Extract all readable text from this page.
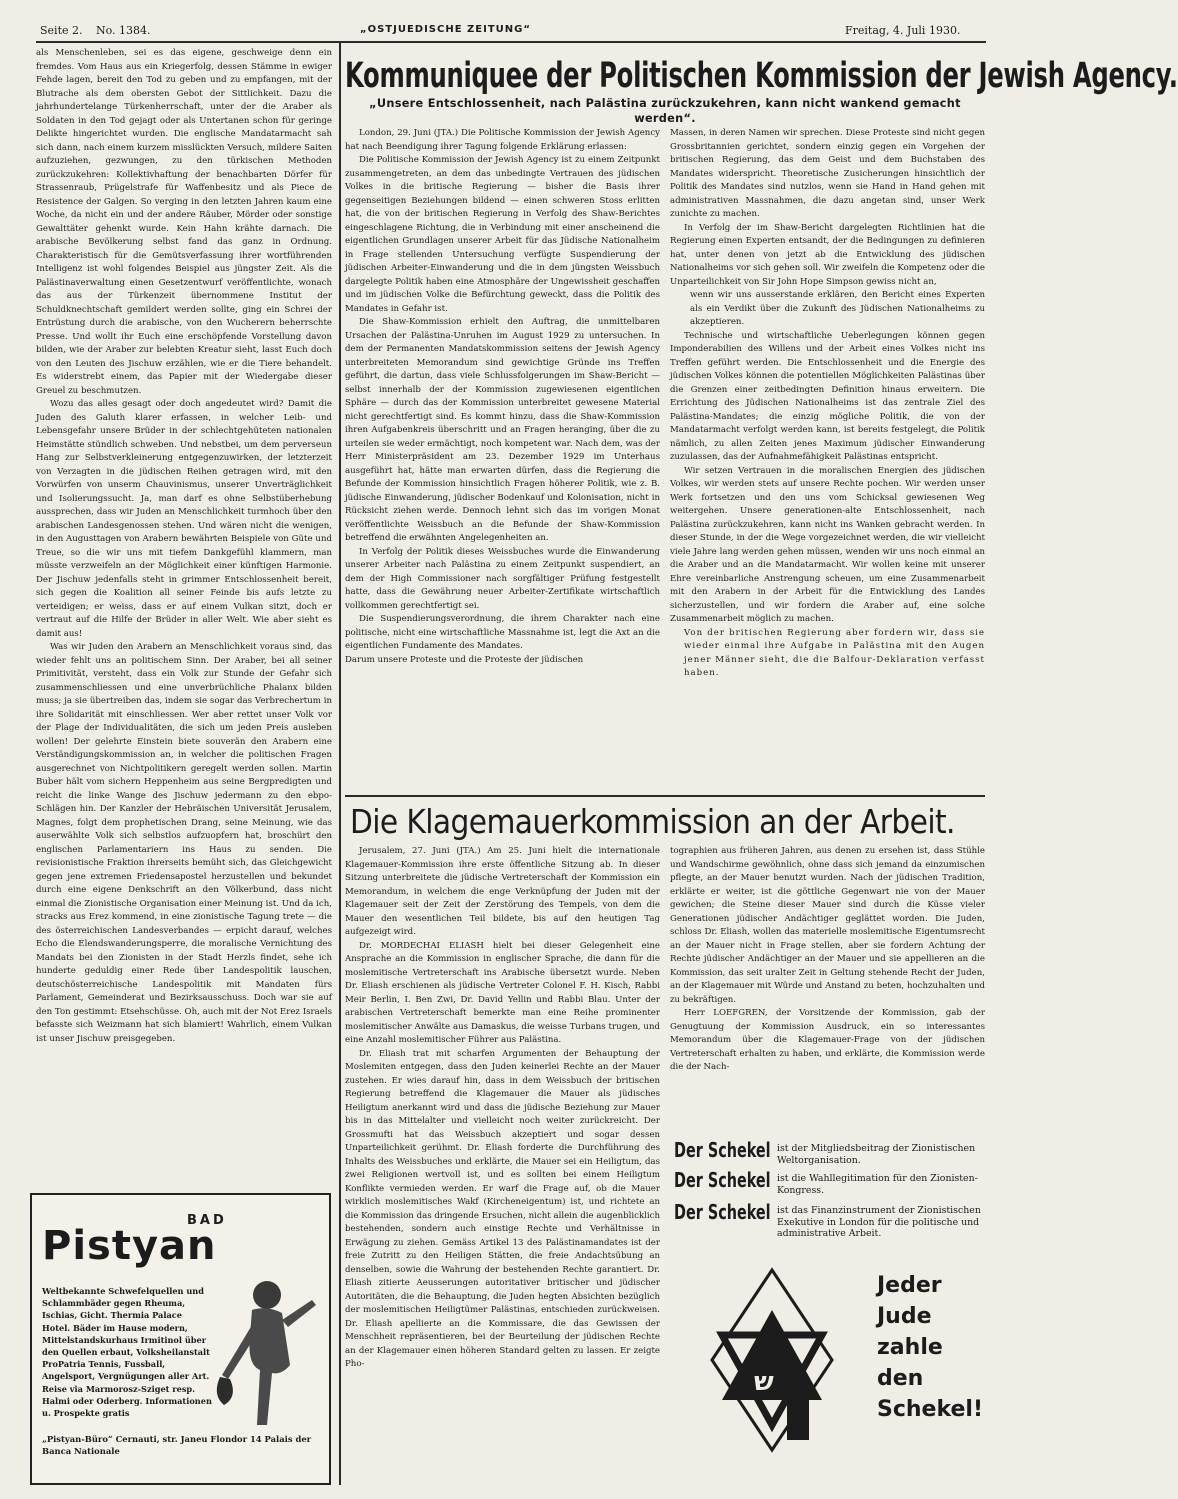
Seite 2. No. 1384.	„OSTJUEDISCHE ZEITUNG“	Freitag, 4. Juli 1930.

als Menschenleben, sei es das eigene, geschweige denn ein fremdes. Vom Haus aus ein Kriegerfolg, dessen Stämme in ewiger Fehde lagen, bereit den Tod zu geben und zu empfangen, mit der Blutrache als dem obersten Gebot der Sittlichkeit. Dazu die jahrhundertelange Türkenherrschaft, unter der die Araber als Soldaten in den Tod gejagt oder als Untertanen schon für geringe Delikte hingerichtet wurden. Die englische Mandatarmacht sah sich dann, nach einem kurzem misslückten Versuch, mildere Saiten aufzuziehen, gezwungen, zu den türkischen Methoden zurückzukehren: Kollektivhaftung der benachbarten Dörfer für Strassenraub, Prügelstrafe für Waffenbesitz und als Piece de Resistence der Galgen. So verging in den letzten Jahren kaum eine Woche, da nicht ein und der andere Räuber, Mörder oder sonstige Gewalttäter gehenkt wurde. Kein Hahn krähte darnach. Die arabische Bevölkerung selbst fand das ganz in Ordnung. Charakteristisch für die Gemütsverfassung ihrer wortführenden Intelligenz ist wohl folgendes Beispiel aus jüngster Zeit. Als die Palästinaverwaltung einen Gesetzentwurf veröffentlichte, wonach das aus der Türkenzeit übernommene Institut der Schuldknechtschaft gemildert werden sollte, ging ein Schrei der Entrüstung durch die arabische, von den Wucherern beherrschte Presse. Und wollt ihr Euch eine erschöpfende Vorstellung davon bilden, wie der Araber zur belebten Kreatur sieht, lasst Euch doch von den Leuten des Jischuw erzählen, wie er die Tiere behandelt. Es widerstrebt einem, das Papier mit der Wiedergabe dieser Greuel zu beschmutzen.

Wozu das alles gesagt oder doch angedeutet wird? Damit die Juden des Galuth klarer erfassen, in welcher Leib- und Lebensgefahr unsere Brüder in der schlechtgehüteten nationalen Heimstätte stündlich schweben. Und nebstbei, um dem perverseun Hang zur Selbstverkleinerung entgegenzuwirken, der letzterzeit von Verzagten in die jüdischen Reihen getragen wird, mit den Vorwürfen von unserm Chauvinismus, unserer Unverträglichkeit und Isolierungssucht. Ja, man darf es ohne Selbstüberhebung aussprechen, dass wir Juden an Menschlichkeit turmhoch über den arabischen Landesgenossen stehen. Und wären nicht die wenigen, in den Augusttagen von Arabern bewährten Beispiele von Güte und Treue, so die wir uns mit tiefem Dankgefühl klammern, man müsste verzweifeln an der Möglichkeit einer künftigen Harmonie. Der Jischuw jedenfalls steht in grimmer Entschlossenheit bereit, sich gegen die Koalition all seiner Feinde bis aufs letzte zu verteidigen; er weiss, dass er auf einem Vulkan sitzt, doch er vertraut auf die Hilfe der Brüder in aller Welt. Wie aber sieht es damit aus!

Was wir Juden den Arabern an Menschlichkeit voraus sind, das wieder fehlt uns an politischem Sinn. Der Araber, bei all seiner Primitivität, versteht, dass ein Volk zur Stunde der Gefahr sich zusammenschliessen und eine unverbrüchliche Phalanx bilden muss; ja sie übertreiben das, indem sie sogar das Verbrechertum in ihre Solidarität mit einschliessen. Wer aber rettet unser Volk vor der Plage der Individualitäten, die sich um jeden Preis ausleben wollen! Der gelehrte Einstein biete souverän den Arabern eine Verständigungskommission an, in welcher die politischen Fragen ausgerechnet von Nichtpolitikern geregelt werden sollen. Martin Buber hält vom sichern Heppenheim aus seine Bergpredigten und reicht die linke Wange des Jischuw jedermann zu den ebpo-Schlägen hin. Der Kanzler der Hebräischen Universität Jerusalem, Magnes, folgt dem prophetischen Drang, seine Meinung, wie das auserwählte Volk sich selbstlos aufzuopfern hat, broschürt den englischen Parlamentariern ins Haus zu senden. Die revisionistische Fraktion ihrerseits bemüht sich, das Gleichgewicht gegen jene extremen Friedensapostel herzustellen und bekundet durch eine eigene Denkschrift an den Völkerbund, dass nicht einmal die Zionistische Organisation einer Meinung ist. Und da ich, stracks aus Erez kommend, in eine zionistische Tagung trete — die des österreichischen Landesverbandes — erpicht darauf, welches Echo die Elendswanderungsperre, die moralische Vernichtung des Mandats bei den Zionisten in der Stadt Herzls findet, sehe ich hunderte geduldig einer Rede über Landespolitik lauschen, deutschösterreichische Landespolitik mit Mandaten fürs Parlament, Gemeinderat und Bezirksausschuss. Doch war sie auf den Ton gestimmt: Etsehschüsse. Oh, auch mit der Not Erez Israels befasste sich Weizmann hat sich blamiert! Wahrlich, einem Vulkan ist unser Jischuw preisgegeben.

BAD
Pistyan
Weltbekannte Schwefelquellen und Schlammbäder gegen Rheuma, Ischias, Gicht. Thermia Palace Hotel. Bäder im Hause modern, Mittelstandskurhaus Irmitinol über den Quellen erbaut, Volksheilanstalt ProPatria Tennis, Fussball, Angelsport, Vergnügungen aller Art. Reise via Marmorosz-Sziget resp. Halmi oder Oderberg. Informationen u. Prospekte gratis
„Pistyan-Büro“ Cernauti, str. Janeu Flondor 14 Palais der Banca Nationale
Kommuniquee der Politischen Kommission der Jewish Agency.
„Unsere Entschlossenheit, nach Palästina zurückzukehren, kann nicht wankend gemacht werden“.

London, 29. Juni (JTA.) Die Politische Kommission der Jewish Agency hat nach Beendigung ihrer Tagung folgende Erklärung erlassen:

Die Politische Kommission der Jewish Agency ist zu einem Zeitpunkt zusammengetreten, an dem das unbedingte Vertrauen des jüdischen Volkes in die britische Regierung — bisher die Basis ihrer gegenseitigen Beziehungen bildend — einen schweren Stoss erlitten hat, die von der britischen Regierung in Verfolg des Shaw-Berichtes eingeschlagene Richtung, die in Verbindung mit einer anscheinend die eigentlichen Grundlagen unserer Arbeit für das Jüdische Nationalheim in Frage stellenden Untersuchung verfügte Suspendierung der jüdischen Arbeiter-Einwanderung und die in dem jüngsten Weissbuch dargelegte Politik haben eine Atmosphäre der Ungewissheit geschaffen und im jüdischen Volke die Befürchtung geweckt, dass die Politik des Mandates in Gefahr ist.

Die Shaw-Kommission erhielt den Auftrag, die unmittelbaren Ursachen der Palästina-Unruhen im August 1929 zu untersuchen. In dem der Permanenten Mandatskommission seitens der Jewish Agency unterbreiteten Memorandum sind gewichtige Gründe ins Treffen geführt, die dartun, dass viele Schlussfolgerungen im Shaw-Bericht — selbst innerhalb der der Kommission zugewiesenen eigentlichen Sphäre — durch das der Kommission unterbreitet gewesene Material nicht gerechtfertigt sind. Es kommt hinzu, dass die Shaw-Kommission ihren Aufgabenkreis überschritt und an Fragen heranging, über die zu urteilen sie weder ermächtigt, noch kompetent war. Nach dem, was der Herr Ministerpräsident am 23. Dezember 1929 im Unterhaus ausgeführt hat, hätte man erwarten dürfen, dass die Regierung die Befunde der Kommission hinsichtlich Fragen höherer Politik, wie z. B. jüdische Einwanderung, jüdischer Bodenkauf und Kolonisation, nicht in Rücksicht ziehen werde. Dennoch lehnt sich das im vorigen Monat veröffentlichte Weissbuch an die Befunde der Shaw-Kommission betreffend die erwähnten Angelegenheiten an.

In Verfolg der Politik dieses Weissbuches wurde die Einwanderung unserer Arbeiter nach Palästina zu einem Zeitpunkt suspendiert, an dem der High Commissioner nach sorgfältiger Prüfung festgestellt hatte, dass die Gewährung neuer Arbeiter-Zertifikate wirtschaftlich vollkommen gerechtfertigt sei.

Die Suspendierungsverordnung, die ihrem Charakter nach eine politische, nicht eine wirtschaftliche Massnahme ist, legt die Axt an die eigentlichen Fundamente des Mandates.

Darum unsere Proteste und die Proteste der jüdischen

Massen, in deren Namen wir sprechen. Diese Proteste sind nicht gegen Grossbritannien gerichtet, sondern einzig gegen ein Vorgehen der britischen Regierung, das dem Geist und dem Buchstaben des Mandates widerspricht. Theoretische Zusicherungen hinsichtlich der Politik des Mandates sind nutzlos, wenn sie Hand in Hand gehen mit administrativen Massnahmen, die dazu angetan sind, unser Werk zunichte zu machen.

In Verfolg der im Shaw-Bericht dargelegten Richtlinien hat die Regierung einen Experten entsandt, der die Bedingungen zu definieren hat, unter denen von jetzt ab die Entwicklung des jüdischen Nationalheims vor sich gehen soll. Wir zweifeln die Kompetenz oder die Unparteilichkeit von Sir John Hope Simpson gewiss nicht an,

wenn wir uns ausserstande erklären, den Bericht eines Experten als ein Verdikt über die Zukunft des Jüdischen Nationalheims zu akzeptieren.

Technische und wirtschaftliche Ueberlegungen können gegen Imponderabilien des Willens und der Arbeit eines Volkes nicht ins Treffen geführt werden. Die Entschlossenheit und die Energie des jüdischen Volkes können die potentiellen Möglichkeiten Palästinas über die Grenzen einer zeitbedingten Definition hinaus erweitern. Die Errichtung des Jüdischen Nationalheims ist das zentrale Ziel des Palästina-Mandates; die einzig mögliche Politik, die von der Mandatarmacht verfolgt werden kann, ist bereits festgelegt, die Politik nämlich, zu allen Zeiten jenes Maximum jüdischer Einwanderung zuzulassen, das der Aufnahmefähigkeit Palästinas entspricht.

Wir setzen Vertrauen in die moralischen Energien des jüdischen Volkes, wir werden stets auf unsere Rechte pochen. Wir werden unser Werk fortsetzen und den uns vom Schicksal gewiesenen Weg weitergehen. Unsere generationen-alte Entschlossenheit, nach Palästina zurückzukehren, kann nicht ins Wanken gebracht werden. In dieser Stunde, in der die Wege vorgezeichnet werden, die wir vielleicht viele Jahre lang werden gehen müssen, wenden wir uns noch einmal an die Araber und an die Mandatarmacht. Wir wollen keine mit unserer Ehre vereinbarliche Anstrengung scheuen, um eine Zusammenarbeit mit den Arabern in der Arbeit für die Entwicklung des Landes sicherzustellen, und wir fordern die Araber auf, eine solche Zusammenarbeit möglich zu machen.

Von der britischen Regierung aber fordern wir, dass sie wieder einmal ihre Aufgabe in Palästina mit den Augen jener Männer sieht, die die Balfour-Deklaration verfasst haben.

Die Klagemauerkommission an der Arbeit.

Jerusalem, 27. Juni (JTA.) Am 25. Juni hielt die internationale Klagemauer-Kommission ihre erste öffentliche Sitzung ab. In dieser Sitzung unterbreitete die jüdische Vertreterschaft der Kommission ein Memorandum, in welchem die enge Verknüpfung der Juden mit der Klagemauer seit der Zeit der Zerstörung des Tempels, von dem die Mauer den wesentlichen Teil bildete, bis auf den heutigen Tag aufgezeigt wird.

Dr. MORDECHAI ELIASH hielt bei dieser Gelegenheit eine Ansprache an die Kommission in englischer Sprache, die dann für die moslemitische Vertreterschaft ins Arabische übersetzt wurde. Neben Dr. Eliash erschienen als jüdische Vertreter Colonel F. H. Kisch, Rabbi Meir Berlin, I. Ben Zwi, Dr. David Yellin und Rabbi Blau. Unter der arabischen Vertreterschaft bemerkte man eine Reihe prominenter moslemitischer Anwälte aus Damaskus, die weisse Turbans trugen, und eine Anzahl moslemitischer Führer aus Palästina.

Dr. Eliash trat mit scharfen Argumenten der Behauptung der Moslemiten entgegen, dass den Juden keinerlei Rechte an der Mauer zustehen. Er wies darauf hin, dass in dem Weissbuch der britischen Regierung betreffend die Klagemauer die Mauer als jüdisches Heiligtum anerkannt wird und dass die jüdische Beziehung zur Mauer bis in das Mittelalter und vielleicht noch weiter zurückreicht. Der Grossmufti hat das Weissbuch akzeptiert und sogar dessen Unparteilichkeit gerühmt. Dr. Eliash forderte die Durchführung des Inhalts des Weissbuches und erklärte, die Mauer sei ein Heiligtum, das zwei Religionen wertvoll ist, und es sollten bei einem Heiligtum Konflikte vermieden werden. Er warf die Frage auf, ob die Mauer wirklich moslemitisches Wakf (Kircheneigentum) ist, und richtete an die Kommission das dringende Ersuchen, nicht allein die augenblicklich bestehenden, sondern auch einstige Rechte und Verhältnisse in Erwägung zu ziehen. Gemäss Artikel 13 des Palästinamandates ist der freie Zutritt zu den Heiligen Stätten, die freie Andachtsübung an denselben, sowie die Wahrung der bestehenden Rechte garantiert. Dr. Eliash zitierte Aeusserungen autoritativer britischer und jüdischer Autoritäten, die die Behauptung, die Juden hegten Absichten bezüglich der moslemitischen Heiligtümer Palästinas, entschieden zurückweisen. Dr. Eliash apellierte an die Kommissare, die das Gewissen der Menschheit repräsentieren, bei der Beurteilung der jüdischen Rechte an der Klagemauer einen höheren Standard gelten zu lassen. Er zeigte Pho-

tographien aus früheren Jahren, aus denen zu ersehen ist, dass Stühle und Wandschirme gewöhnlich, ohne dass sich jemand da einzumischen pflegte, an der Mauer benutzt wurden. Nach der jüdischen Tradition, erklärte er weiter, ist die göttliche Gegenwart nie von der Mauer gewichen; die Steine dieser Mauer sind durch die Küsse vieler Generationen jüdischer Andächtiger geglättet worden. Die Juden, schloss Dr. Eliash, wollen das materielle moslemitische Eigentumsrecht an der Mauer nicht in Frage stellen, aber sie fordern Achtung der Rechte jüdischer Andächtiger an der Mauer und sie appellieren an die Kommission, das seit uralter Zeit in Geltung stehende Recht der Juden, an der Klagemauer mit Würde und Anstand zu beten, hochzuhalten und zu bekräftigen.

Herr LOEFGREN, der Vorsitzende der Kommission, gab der Genugtuung der Kommission Ausdruck, ein so interessantes Memorandum über die Klagemauer-Frage von der jüdischen Vertreterschaft erhalten zu haben, und erklärte, die Kommission werde die der Nach-

Der Schekel ist der Mitgliedsbeitrag der Zionistischen Weltorganisation.
Der Schekel ist die Wahllegitimation für den Zionisten-Kongress.
Der Schekel ist das Finanzinstrument der Zionistischen Exekutive in London für die politische und administrative Arbeit.
ש
Jeder
Jude
zahle
den
Schekel!
